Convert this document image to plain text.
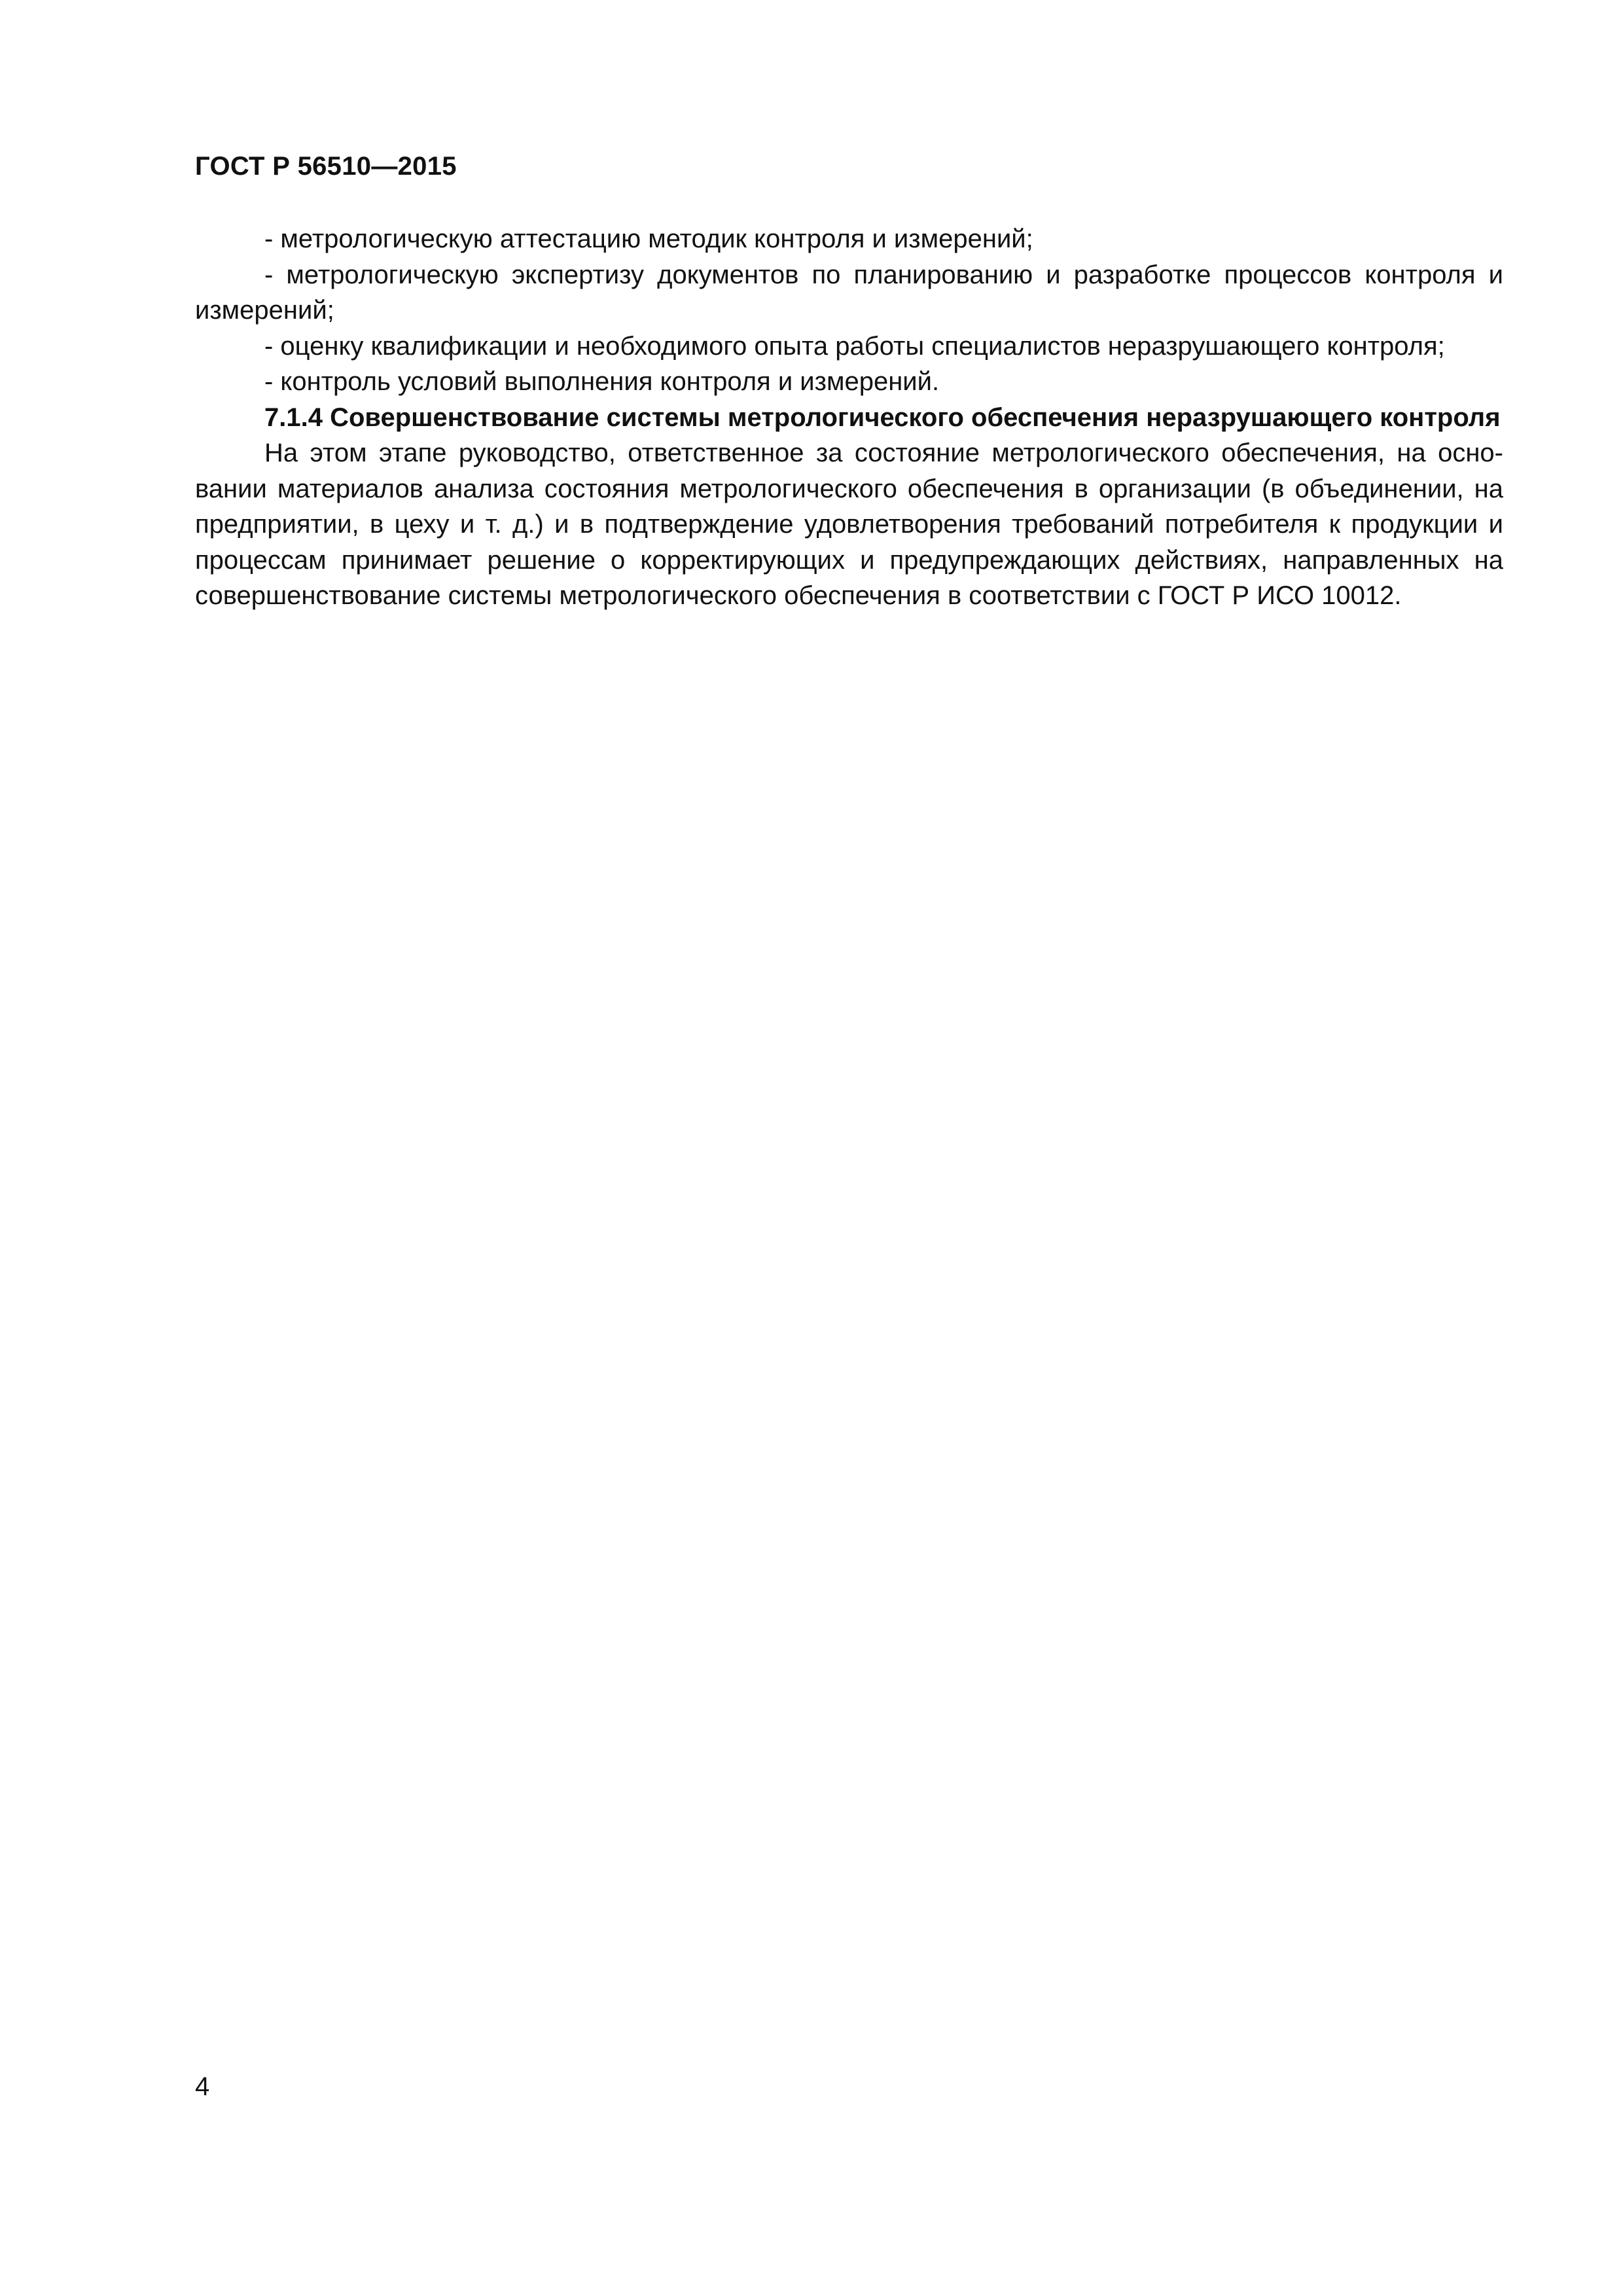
ГОСТ Р 56510—2015

- метрологическую аттестацию методик контроля и измерений;

- метрологическую экспертизу документов по планированию и разработке процессов контроля и измерений;

- оценку квалификации и необходимого опыта работы специалистов неразрушающего контроля;

- контроль условий выполнения контроля и измерений.

7.1.4 Совершенствование системы метрологического обеспечения неразрушающего контроля

На этом этапе руководство, ответственное за состояние метрологического обеспечения, на основании материалов анализа состояния метрологического обеспечения в организации (в объединении, на предприятии, в цеху и т. д.) и в подтверждение удовлетворения требований потребителя к продукции и процессам принимает решение о корректирующих и предупреждающих действиях, направленных на совершенствование системы метрологического обеспечения в соответствии с ГОСТ Р ИСО 10012.

4
